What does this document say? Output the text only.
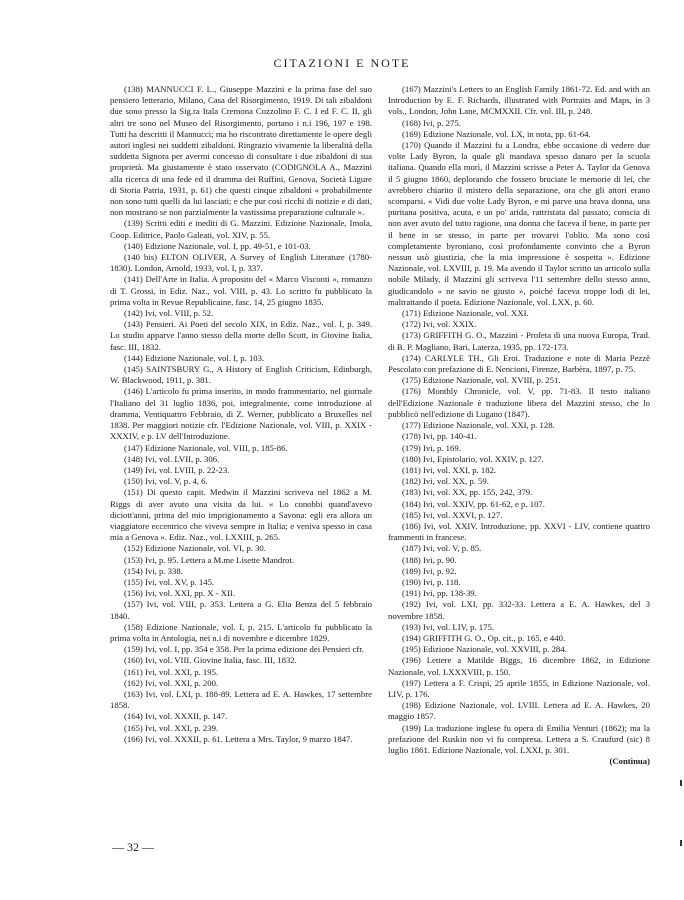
CITAZIONI E NOTE

(138) MANNUCCI F. L., Giuseppe Mazzini e la prima fase del suo pensiero letterario, Milano, Casa del Risorgimento, 1919. Di tali zibaldoni due sono presso la Sig.ra Itala Cremona Cozzolino F. C. I ed F. C. II, gli altri tre sono nel Museo del Risorgimento, portano i n.i 196, 197 e 198. Tutti ha descritti il Mannucci; ma ho riscontrato direttamente le opere degli autori inglesi nei suddetti zibaldoni. Ringrazio vivamente la liberalità della suddetta Signora per avermi concesso di consultare i due zibaldoni di sua proprietà. Ma giustamente è stato osservato (CODIGNOLA A., Mazzini alla ricerca di una fede ed il dramma dei Ruffini, Genova, Società Ligure di Storia Patria, 1931, p. 61) che questi cinque zibaldoni « probabilmente non sono tutti quelli da lui lasciati; e che pur così ricchi di notizie e di dati, non mostrano se non parzialmente la vastissima preparazione culturale ».

(139) Scritti editi e inediti di G. Mazzini. Edizione Nazionale, Imola, Coop. Editrice, Paolo Galeati, vol. XIV, p. 55.

(140) Edizione Nazionale, vol. I, pp. 49-51, e 101-03.

(140 bis) ELTON OLIVER, A Survey of English Literature (1780-1830). London, Arnold, 1933, vol. I, p. 337.

(141) Dell'Arte in Italia. A proposito del « Marco Visconti », romanzo di T. Grossi, in Ediz. Naz., vol. VIII, p. 43. Lo scritto fu pubblicato la prima volta in Revue Republicaine, fasc. 14, 25 giugno 1835.

(142) Ivi, vol. VIII, p. 52.

(143) Pensieri. Ai Poeti del secolo XIX, in Ediz. Naz., vol. I, p. 349. Lo studio apparve l'anno stesso della morte dello Scott, in Giovine Italia, fasc. III, 1832.

(144) Edizione Nazionale, vol. I, p. 103.

(145) SAINTSBURY G., A History of English Criticism, Edinburgh, W. Blackwood, 1911, p. 381.

(146) L'articolo fu prima inserito, in modo frammentario, nel giornale l'Italiano del 31 luglio 1836, poi, integralmente, come introduzione al dramma, Ventiquattro Febbraio, di Z. Werner, pubblicato a Bruxelles nel 1838. Per maggiori notizie cfr. l'Edizione Nazionale, vol. VIII, p. XXIX - XXXIV, e p. LV dell'Introduzione.

(147) Edizione Nazionale, vol. VIII, p. 185-86.

(148) Ivi, vol. LVII, p. 306.

(149) Ivi, vol. LVIII, p. 22-23.

(150) Ivi, vol. V, p. 4, 6.

(151) Di questo capit. Medwin il Mazzini scriveva nel 1862 a M. Riggs di aver avuto una visita da lui. « Lo conobbi quand'avevo diciott'anni, prima del mio imprigionamento a Savona: egli era allora un viaggiatore eccentrico che viveva sempre in Italia; e veniva spesso in casa mia a Genova ». Ediz. Naz., vol. LXXIII, p. 265.

(152) Edizione Nazionale, vol. VI, p. 30.

(153) Ivi, p. 95. Lettera a M.me Lisette Mandrot.

(154) Ivi, p. 338.

(155) Ivi, vol. XV, p. 145.

(156) Ivi, vol. XXI, pp. X - XII.

(157) Ivi, vol. VIII, p. 353. Lettera a G. Elia Benza del 5 febbraio 1840.

(158) Edizione Nazionale, vol. I, p. 215. L'articolo fu pubblicato la prima volta in Antologia, nei n.i di novembre e dicembre 1829.

(159) Ivi, vol. I, pp. 354 e 358. Per la prima edizione dei Pensieri cfr.

(160) Ivi, vol. VIII. Giovine Italia, fasc. III, 1832.

(161) Ivi, vol. XXI, p. 195.

(162) Ivi, vol. XXI, p. 200.

(163) Ivi, vol. LXI, p. 188-89. Lettera ad E. A. Hawkes, 17 settembre 1858.

(164) Ivi, vol. XXXII, p. 147.

(165) Ivi, vol. XXI, p. 239.

(166) Ivi, vol. XXXII, p. 61. Lettera a Mrs. Taylor, 9 marzo 1847.

(167) Mazzini's Letters to an English Family 1861-72. Ed. and with an Introduction by E. F. Richards, illustrated with Portraits and Maps, in 3 vols., London, John Lane, MCMXXII. Cfr. vol. III, p. 248.

(168) Ivi, p. 275.

(169) Edizione Nazionale, vol. LX, in nota, pp. 61-64.

(170) Quando il Mazzini fu a Londra, ebbe occasione di vedere due volte Lady Byron, la quale gli mandava spesso danaro per la scuola italiana. Quando ella morì, il Mazzini scrisse a Peter A. Taylor da Genova il 5 giugno 1860, deplorando che fossero bruciate le memorie di lei, che avrebbero chiarito il mistero della separazione, ora che gli attori erano scomparsi. « Vidi due volte Lady Byron, e mi parve una brava donna, una puritana positiva, acuta, e un po' arida, rattristata dal passato, conscia di non aver avuto del tutto ragione, una donna che faceva il bene, in parte per il bene in se stesso, in parte per trovarvi l'oblio. Ma sono così completamente byroniano, così profondamente convinto che a Byron nessun usò giustizia, che la mia impressione è sospetta ». Edizione Nazionale, vol. LXVIII, p. 19. Ma avendo il Taylor scritto un articolo sulla nobile Milady, il Mazzini gli scriveva l'11 settembre dello stesso anno, giudicandolo « ne savio ne giusto », poiché faceva troppe lodi di lei, maltrattando il poeta. Edizione Nazionale, vol. LXX, p. 60.

(171) Edizione Nazionale, vol. XXI.

(172) Ivi, vol. XXIX.

(173) GRIFFITH G. O., Mazzini - Profeta di una nuova Europa, Trad. di B. P. Magliano, Bari, Laterza, 1935, pp. 172-173.

(174) CARLYLE TH., Gli Eroi. Traduzione e note di Maria Pezzè Pescolato con prefazione di E. Nencioni, Firenze, Barbèra, 1897, p. 75.

(175) Edizione Nazionale, vol. XVIII, p. 251.

(176) Monthly Chronicle, vol. V, pp. 71-83. Il testo italiano dell'Edizione Nazionale è traduzione libera del Mazzini stesso, che lo pubblicò nell'edizione di Lugano (1847).

(177) Edizione Nazionale, vol. XXI, p. 128.

(178) Ivi, pp. 140-41.

(179) Ivi, p. 169.

(180) Ivi, Epistolario, vol. XXIV, p. 127.

(181) Ivi, vol. XXI, p. 182.

(182) Ivi, vol. XX, p. 59.

(183) Ivi, vol. XX, pp. 155, 242, 379.

(184) Ivi, vol. XXIV, pp. 61-62, e p. 107.

(185) Ivi, vol. XXVI, p. 127.

(186) Ivi, vol. XXIV. Introduzione, pp. XXVI - LIV, contiene quattro frammenti in francese.

(187) Ivi, vol. V, p. 85.

(188) Ivi, p. 90.

(189) Ivi, p. 92.

(190) Ivi, p. 118.

(191) Ivi, pp. 138-39.

(192) Ivi, vol. LXI, pp. 332-33. Lettera a E. A. Hawkes, del 3 novembre 1858.

(193) Ivi, vol. LIV, p. 175.

(194) GRIFFITH G. O., Op. cit., p. 165, e 440.

(195) Edizione Nazionale, vol. XXVIII, p. 284.

(196) Lettere a Matilde Biggs, 16 dicembre 1862, in Edizione Nazionale, vol. LXXXVIII, p. 150.

(197) Lettera a F. Crispi, 25 aprile 1855, in Edizione Nazionale, vol. LIV, p. 176.

(198) Edizione Nazionale, vol. LVIII. Lettera ad E. A. Hawkes, 20 maggio 1857.

(199) La traduzione inglese fu opera di Emilia Venturi (1862); ma la prefazione del Ruskin non vi fu compresa. Lettera a S. Craufurd (sic) 8 luglio 1861. Edizione Nazionale, vol. LXXI, p. 301.

(Continua)

— 32 —
